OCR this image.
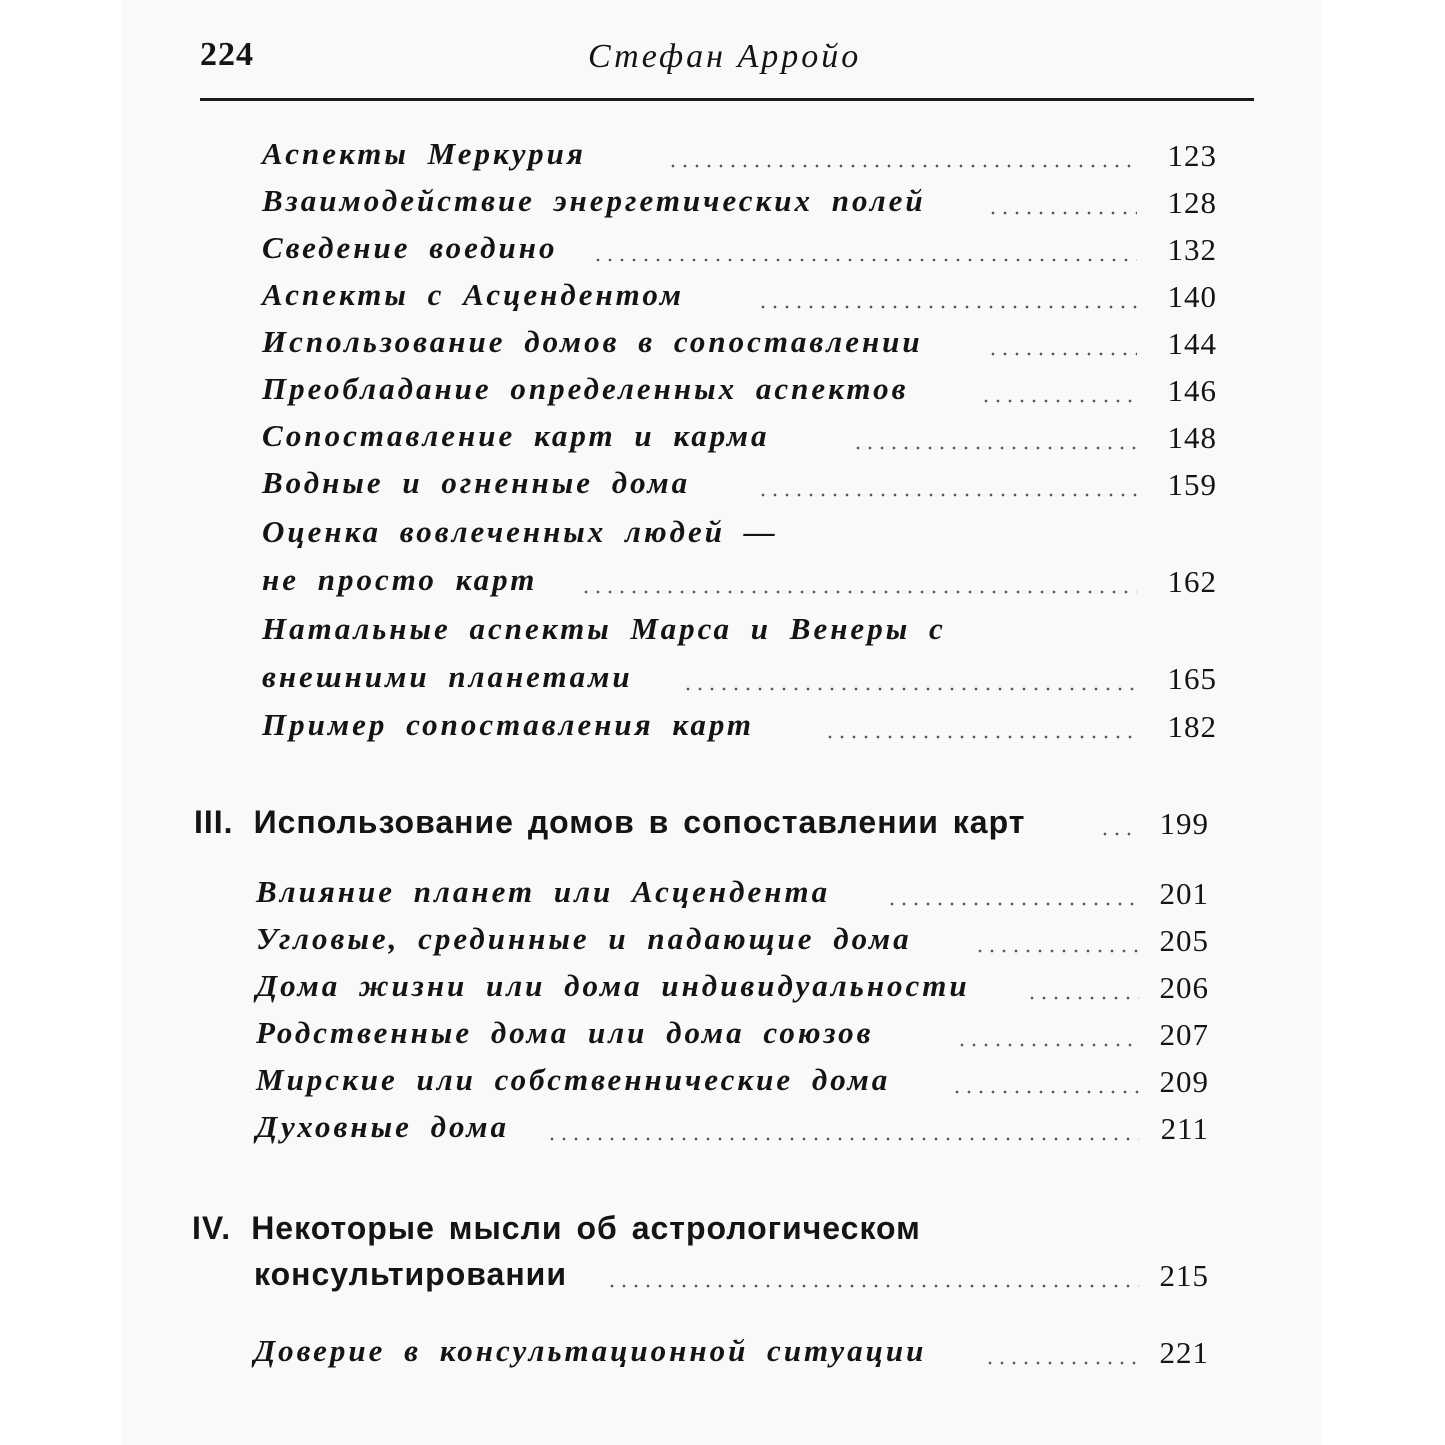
224	Стефан Арройо
Аспекты Меркурия	123
Взаимодействие энергетических полей	128
Сведение воедино	132
Аспекты с Асцендентом	140
Использование домов в сопоставлении	144
Преобладание определенных аспектов	146
Сопоставление карт и карма	148
Водные и огненные дома	159
Оценка вовлеченных людей —
не просто карт	162
Натальные аспекты Марса и Венеры с
внешними планетами	165
Пример сопоставления карт	182
III. Использование домов в сопоставлении карт	199
Влияние планет или Асцендента	201
Угловые, срединные и падающие дома	205
Дома жизни или дома индивидуальности	206
Родственные дома или дома союзов	207
Мирские или собственнические дома	209
Духовные дома	211
IV. Некоторые мысли об астрологическом
консультировании	215
Доверие в консультационной ситуации	221
